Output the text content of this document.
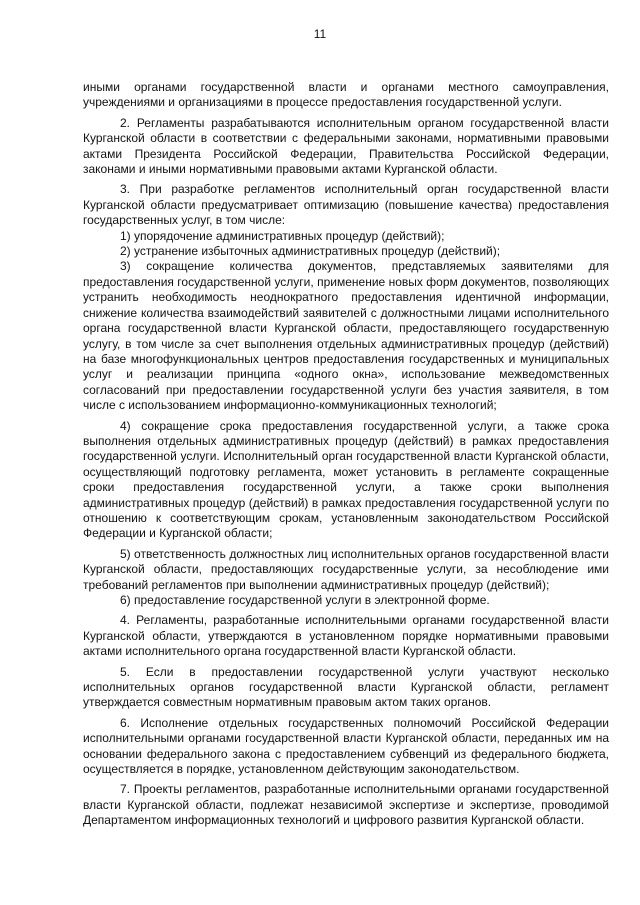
11

иными органами государственной власти и органами местного самоуправления, учреждениями и организациями в процессе предоставления государственной услуги.

2. Регламенты разрабатываются исполнительным органом государственной власти Курганской области в соответствии с федеральными законами, нормативными правовыми актами Президента Российской Федерации, Правительства Российской Федерации, законами и иными нормативными правовыми актами Курганской области.

3. При разработке регламентов исполнительный орган государственной власти Курганской области предусматривает оптимизацию (повышение качества) предоставления государственных услуг, в том числе:

1) упорядочение административных процедур (действий);

2) устранение избыточных административных процедур (действий);

3) сокращение количества документов, представляемых заявителями для предоставления государственной услуги, применение новых форм документов, позволяющих устранить необходимость неоднократного предоставления идентичной информации, снижение количества взаимодействий заявителей с должностными лицами исполнительного органа государственной власти Курганской области, предоставляющего государственную услугу, в том числе за счет выполнения отдельных административных процедур (действий) на базе многофункциональных центров предоставления государственных и муниципальных услуг и реализации принципа «одного окна», использование межведомственных согласований при предоставлении государственной услуги без участия заявителя, в том числе с использованием информационно-коммуникационных технологий;

4) сокращение срока предоставления государственной услуги, а также срока выполнения отдельных административных процедур (действий) в рамках предоставления государственной услуги. Исполнительный орган государственной власти Курганской области, осуществляющий подготовку регламента, может установить в регламенте сокращенные сроки предоставления государственной услуги, а также сроки выполнения административных процедур (действий) в рамках предоставления государственной услуги по отношению к соответствующим срокам, установленным законодательством Российской Федерации и Курганской области;

5) ответственность должностных лиц исполнительных органов государственной власти Курганской области, предоставляющих государственные услуги, за несоблюдение ими требований регламентов при выполнении административных процедур (действий);

6) предоставление государственной услуги в электронной форме.

4. Регламенты, разработанные исполнительными органами государственной власти Курганской области, утверждаются в установленном порядке нормативными правовыми актами исполнительного органа государственной власти Курганской области.

5. Если в предоставлении государственной услуги участвуют несколько исполнительных органов государственной власти Курганской области, регламент утверждается совместным нормативным правовым актом таких органов.

6. Исполнение отдельных государственных полномочий Российской Федерации исполнительными органами государственной власти Курганской области, переданных им на основании федерального закона с предоставлением субвенций из федерального бюджета, осуществляется в порядке, установленном действующим законодательством.

7. Проекты регламентов, разработанные исполнительными органами государственной власти Курганской области, подлежат независимой экспертизе и экспертизе, проводимой Департаментом информационных технологий и цифрового развития Курганской области.

· · ·
